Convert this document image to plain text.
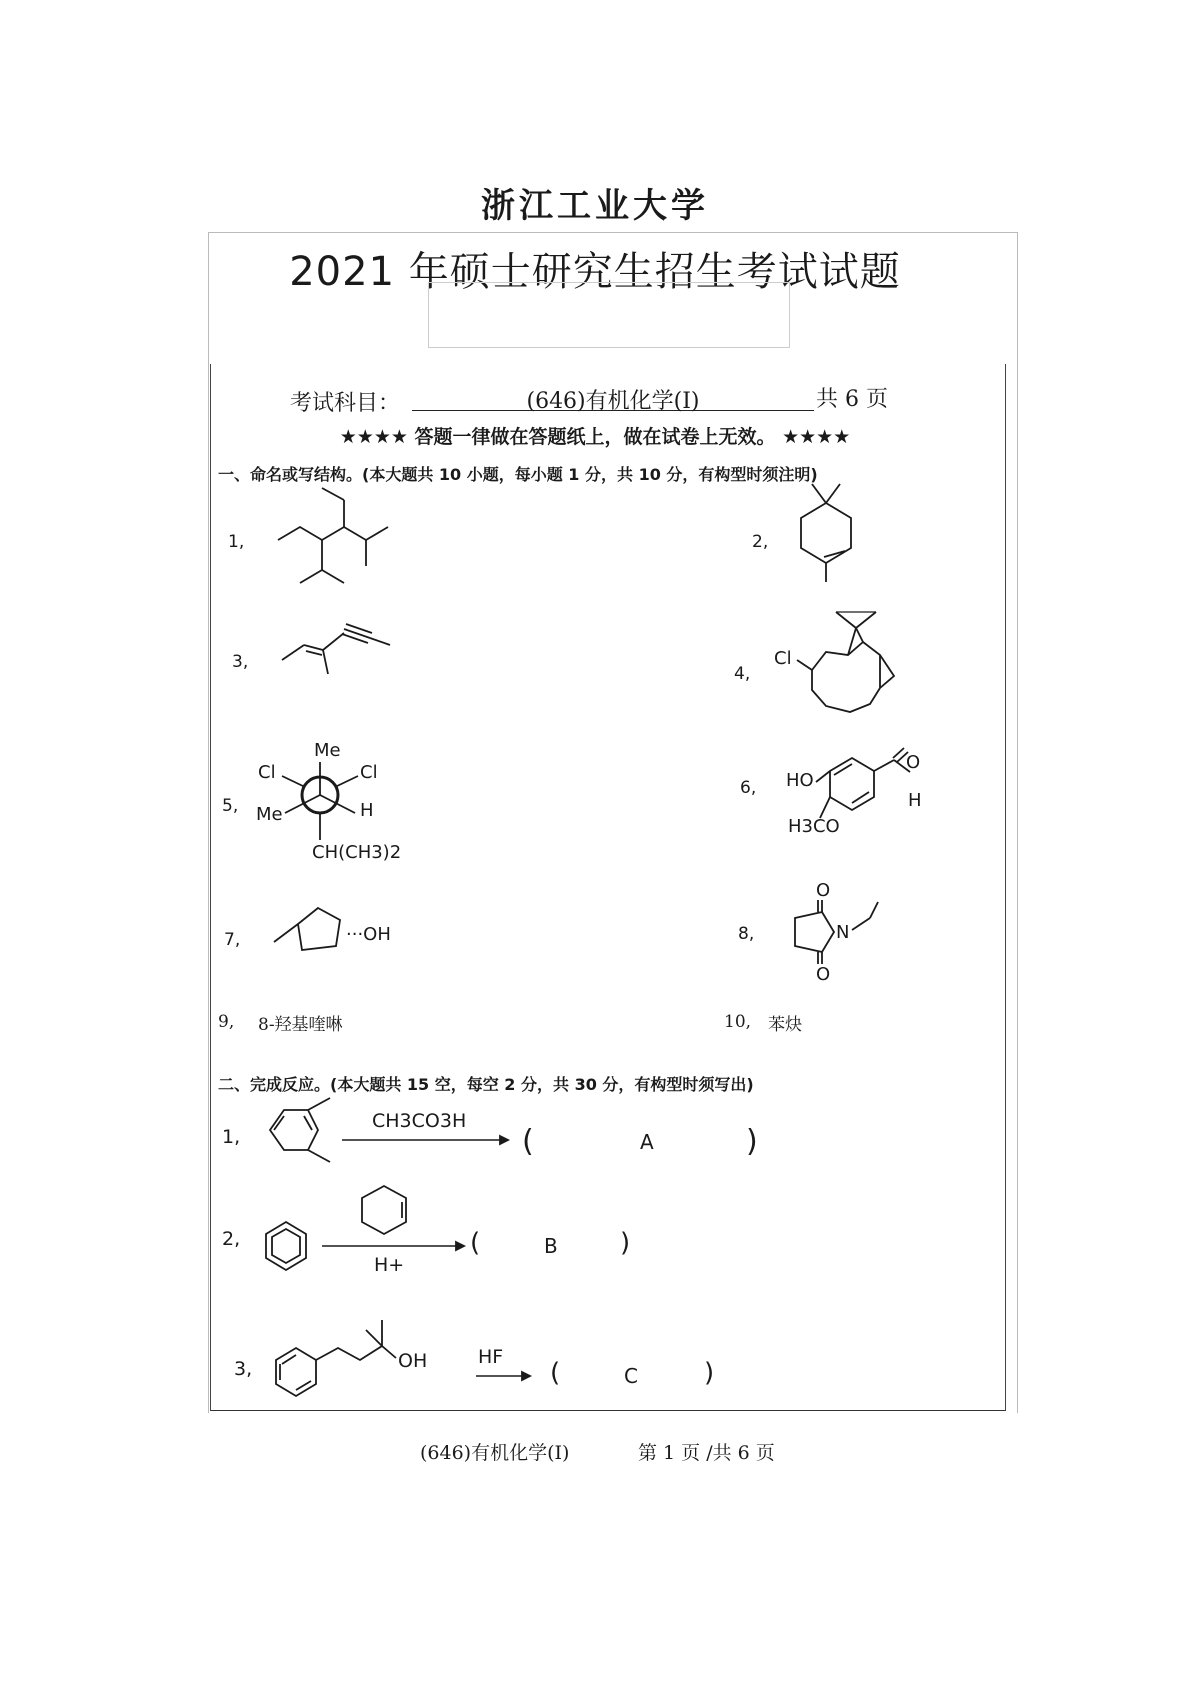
浙江工业大学
2021 年硕士研究生招生考试试题
考试科目：	(646)有机化学(I)	共 6 页
★★★★ 答题一律做在答题纸上，做在试卷上无效。 ★★★★
一、命名或写结构。(本大题共 10 小题，每小题 1 分，共 10 分，有构型时须注明)
1,	2,
3,
4,
Cl
5,
Me
Cl	Cl
Me	H
CH(CH3)2
6, HO
H3CO
O
H
7,	···OH	8,
O
N
O
9, 8-羟基喹啉	10, 苯炔
二、完成反应。(本大题共 15 空，每空 2 分，共 30 分，有构型时须写出)
1,
CH3CO3H
(	A	)
2,
H+
(	B )
3,	OH	HF
(	C	)
(646)有机化学(I)	第 1 页 /共 6 页
